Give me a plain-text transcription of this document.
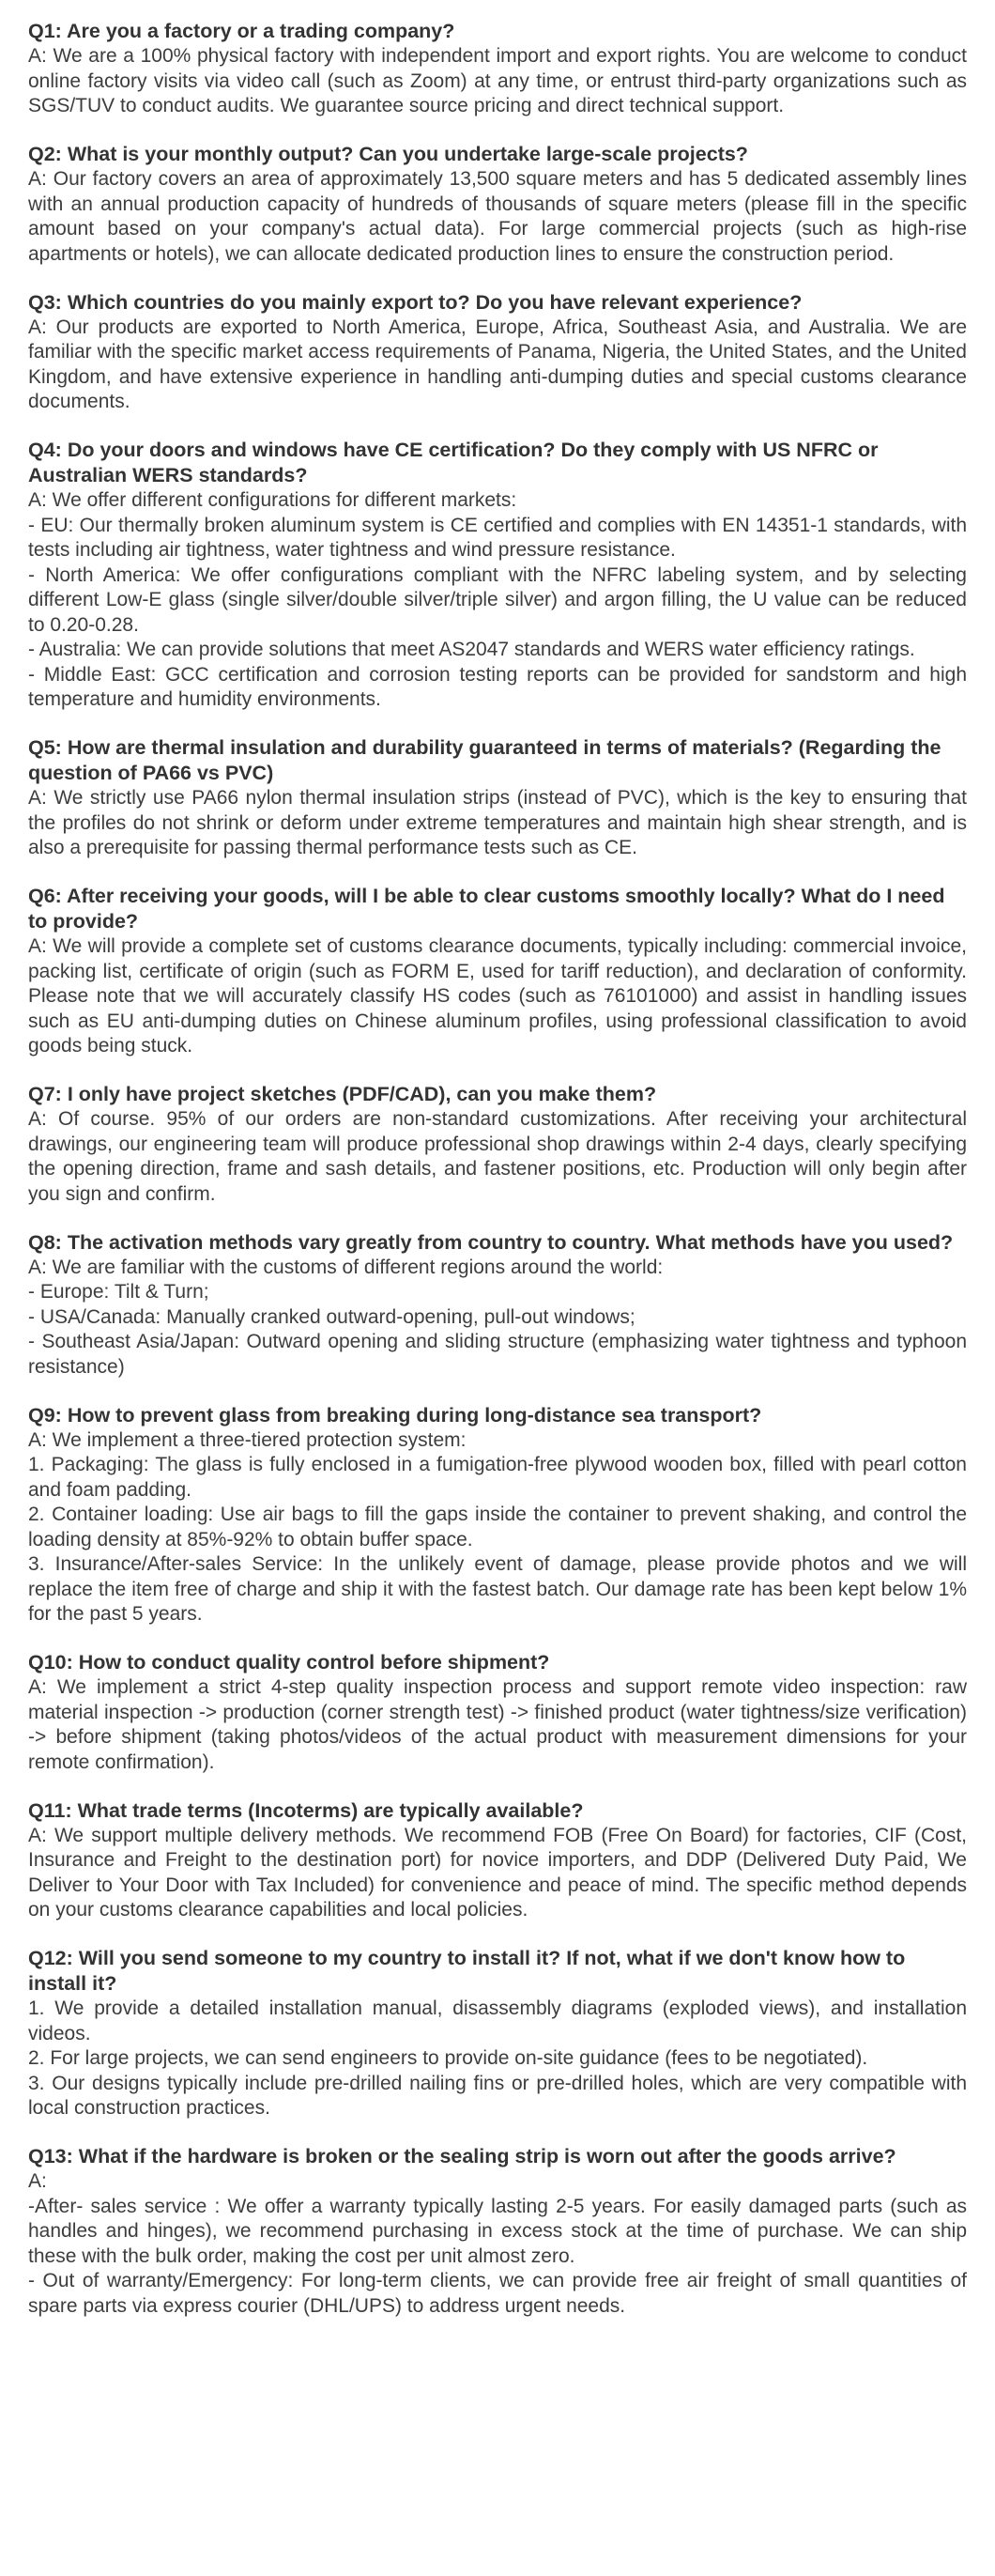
Q1: Are you a factory or a trading company?

A: We are a 100% physical factory with independent import and export rights. You are welcome to conduct online factory visits via video call (such as Zoom) at any time, or entrust third-party organizations such as SGS/TUV to conduct audits. We guarantee source pricing and direct technical support.

Q2: What is your monthly output? Can you undertake large-scale projects?

A: Our factory covers an area of approximately 13,500 square meters and has 5 dedicated assembly lines with an annual production capacity of hundreds of thousands of square meters (please fill in the specific amount based on your company's actual data). For large commercial projects (such as high-rise apartments or hotels), we can allocate dedicated production lines to ensure the construction period.

Q3: Which countries do you mainly export to? Do you have relevant experience?

A: Our products are exported to North America, Europe, Africa, Southeast Asia, and Australia. We are familiar with the specific market access requirements of Panama, Nigeria, the United States, and the United Kingdom, and have extensive experience in handling anti-dumping duties and special customs clearance documents.

Q4: Do your doors and windows have CE certification? Do they comply with US NFRC or Australian WERS standards?

A: We offer different configurations for different markets:

- EU: Our thermally broken aluminum system is CE certified and complies with EN 14351-1 standards, with tests including air tightness, water tightness and wind pressure resistance.

- North America: We offer configurations compliant with the NFRC labeling system, and by selecting different Low-E glass (single silver/double silver/triple silver) and argon filling, the U value can be reduced to 0.20-0.28.

- Australia: We can provide solutions that meet AS2047 standards and WERS water efficiency ratings.

- Middle East: GCC certification and corrosion testing reports can be provided for sandstorm and high temperature and humidity environments.

Q5: How are thermal insulation and durability guaranteed in terms of materials? (Regarding the question of PA66 vs PVC)

A: We strictly use PA66 nylon thermal insulation strips (instead of PVC), which is the key to ensuring that the profiles do not shrink or deform under extreme temperatures and maintain high shear strength, and is also a prerequisite for passing thermal performance tests such as CE.

Q6: After receiving your goods, will I be able to clear customs smoothly locally? What do I need to provide?

A: We will provide a complete set of customs clearance documents, typically including: commercial invoice, packing list, certificate of origin (such as FORM E, used for tariff reduction), and declaration of conformity. Please note that we will accurately classify HS codes (such as 76101000) and assist in handling issues such as EU anti-dumping duties on Chinese aluminum profiles, using professional classification to avoid goods being stuck.

Q7: I only have project sketches (PDF/CAD), can you make them?

A: Of course. 95% of our orders are non-standard customizations. After receiving your architectural drawings, our engineering team will produce professional shop drawings within 2-4 days, clearly specifying the opening direction, frame and sash details, and fastener positions, etc. Production will only begin after you sign and confirm.

Q8: The activation methods vary greatly from country to country. What methods have you used?

A: We are familiar with the customs of different regions around the world:

- Europe: Tilt & Turn;

- USA/Canada: Manually cranked outward-opening, pull-out windows;

- Southeast Asia/Japan: Outward opening and sliding structure (emphasizing water tightness and typhoon resistance)

Q9: How to prevent glass from breaking during long-distance sea transport?

A: We implement a three-tiered protection system:

1. Packaging: The glass is fully enclosed in a fumigation-free plywood wooden box, filled with pearl cotton and foam padding.

2. Container loading: Use air bags to fill the gaps inside the container to prevent shaking, and control the loading density at 85%-92% to obtain buffer space.

3. Insurance/After-sales Service: In the unlikely event of damage, please provide photos and we will replace the item free of charge and ship it with the fastest batch. Our damage rate has been kept below 1% for the past 5 years.

Q10: How to conduct quality control before shipment?

A: We implement a strict 4-step quality inspection process and support remote video inspection: raw material inspection -> production (corner strength test) -> finished product (water tightness/size verification) -> before shipment (taking photos/videos of the actual product with measurement dimensions for your remote confirmation).

Q11: What trade terms (Incoterms) are typically available?

A: We support multiple delivery methods. We recommend FOB (Free On Board) for factories, CIF (Cost, Insurance and Freight to the destination port) for novice importers, and DDP (Delivered Duty Paid, We Deliver to Your Door with Tax Included) for convenience and peace of mind. The specific method depends on your customs clearance capabilities and local policies.

Q12: Will you send someone to my country to install it? If not, what if we don't know how to install it?

1. We provide a detailed installation manual, disassembly diagrams (exploded views), and installation videos.

2. For large projects, we can send engineers to provide on-site guidance (fees to be negotiated).

3. Our designs typically include pre-drilled nailing fins or pre-drilled holes, which are very compatible with local construction practices.

Q13: What if the hardware is broken or the sealing strip is worn out after the goods arrive?

A:

-After- sales service : We offer a warranty typically lasting 2-5 years. For easily damaged parts (such as handles and hinges), we recommend purchasing in excess stock at the time of purchase. We can ship these with the bulk order, making the cost per unit almost zero.

- Out of warranty/Emergency: For long-term clients, we can provide free air freight of small quantities of spare parts via express courier (DHL/UPS) to address urgent needs.
